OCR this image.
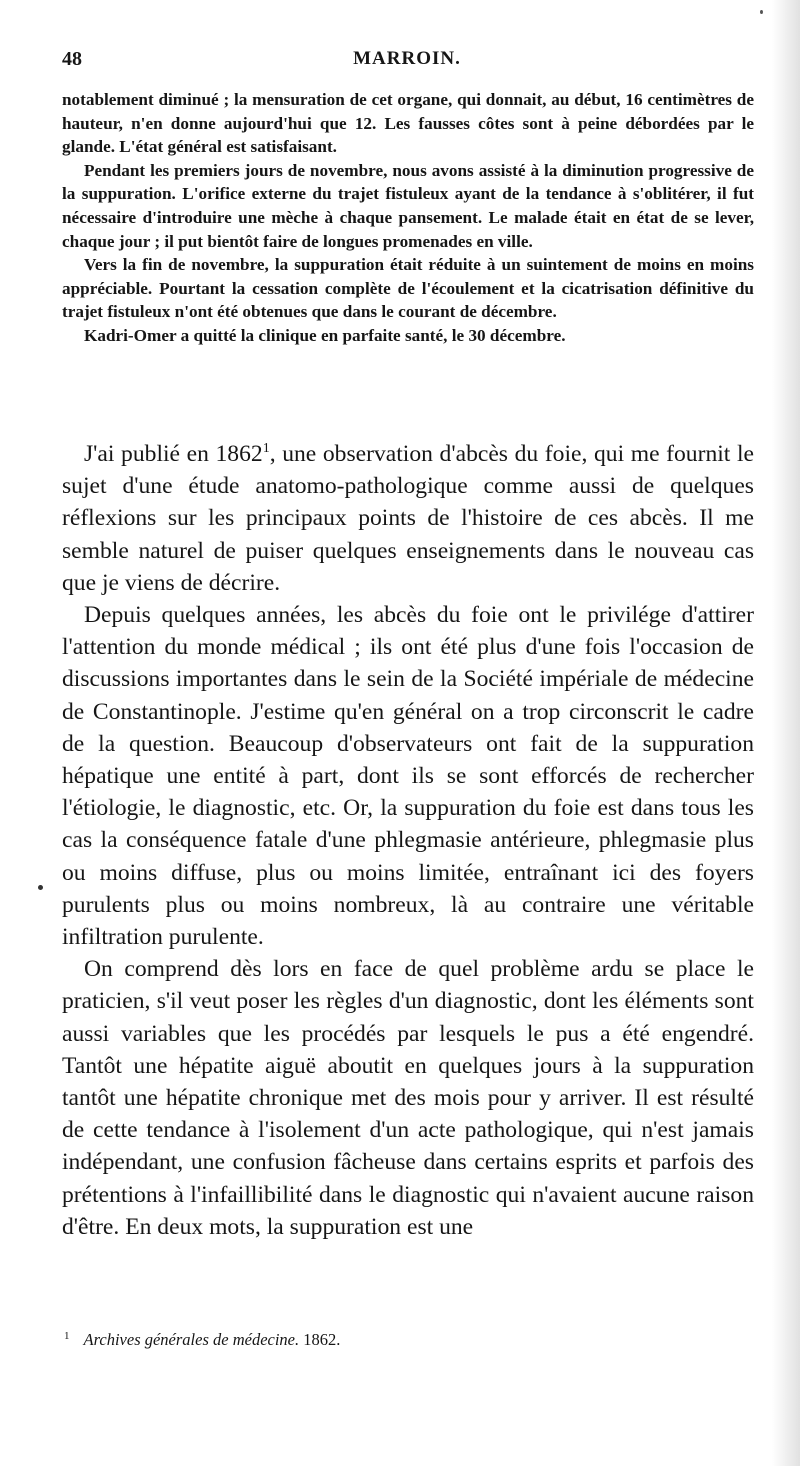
48	MARROIN.

notablement diminué ; la mensuration de cet organe, qui donnait, au début, 16 centimètres de hauteur, n'en donne aujourd'hui que 12. Les fausses côtes sont à peine débordées par le glande. L'état général est satisfaisant.

Pendant les premiers jours de novembre, nous avons assisté à la diminution progressive de la suppuration. L'orifice externe du trajet fistuleux ayant de la tendance à s'oblitérer, il fut nécessaire d'introduire une mèche à chaque pansement. Le malade était en état de se lever, chaque jour ; il put bientôt faire de longues promenades en ville.

Vers la fin de novembre, la suppuration était réduite à un suintement de moins en moins appréciable. Pourtant la cessation complète de l'écoulement et la cicatrisation définitive du trajet fistuleux n'ont été obtenues que dans le courant de décembre.

Kadri-Omer a quitté la clinique en parfaite santé, le 30 décembre.

J'ai publié en 1862$^1$, une observation d'abcès du foie, qui me fournit le sujet d'une étude anatomo-pathologique comme aussi de quelques réflexions sur les principaux points de l'histoire de ces abcès. Il me semble naturel de puiser quelques enseignements dans le nouveau cas que je viens de décrire.

Depuis quelques années, les abcès du foie ont le privilége d'attirer l'attention du monde médical ; ils ont été plus d'une fois l'occasion de discussions importantes dans le sein de la Société impériale de médecine de Constantinople. J'estime qu'en général on a trop circonscrit le cadre de la question. Beaucoup d'observateurs ont fait de la suppuration hépatique une entité à part, dont ils se sont efforcés de rechercher l'étiologie, le diagnostic, etc. Or, la suppuration du foie est dans tous les cas la conséquence fatale d'une phlegmasie antérieure, phlegmasie plus ou moins diffuse, plus ou moins limitée, entraînant ici des foyers purulents plus ou moins nombreux, là au contraire une véritable infiltration purulente.

On comprend dès lors en face de quel problème ardu se place le praticien, s'il veut poser les règles d'un diagnostic, dont les éléments sont aussi variables que les procédés par lesquels le pus a été engendré. Tantôt une hépatite aiguë aboutit en quelques jours à la suppuration tantôt une hépatite chronique met des mois pour y arriver. Il est résulté de cette tendance à l'isolement d'un acte pathologique, qui n'est jamais indépendant, une confusion fâcheuse dans certains esprits et parfois des prétentions à l'infaillibilité dans le diagnostic qui n'avaient aucune raison d'être. En deux mots, la suppuration est une

$^1$ Archives générales de médecine. 1862.
